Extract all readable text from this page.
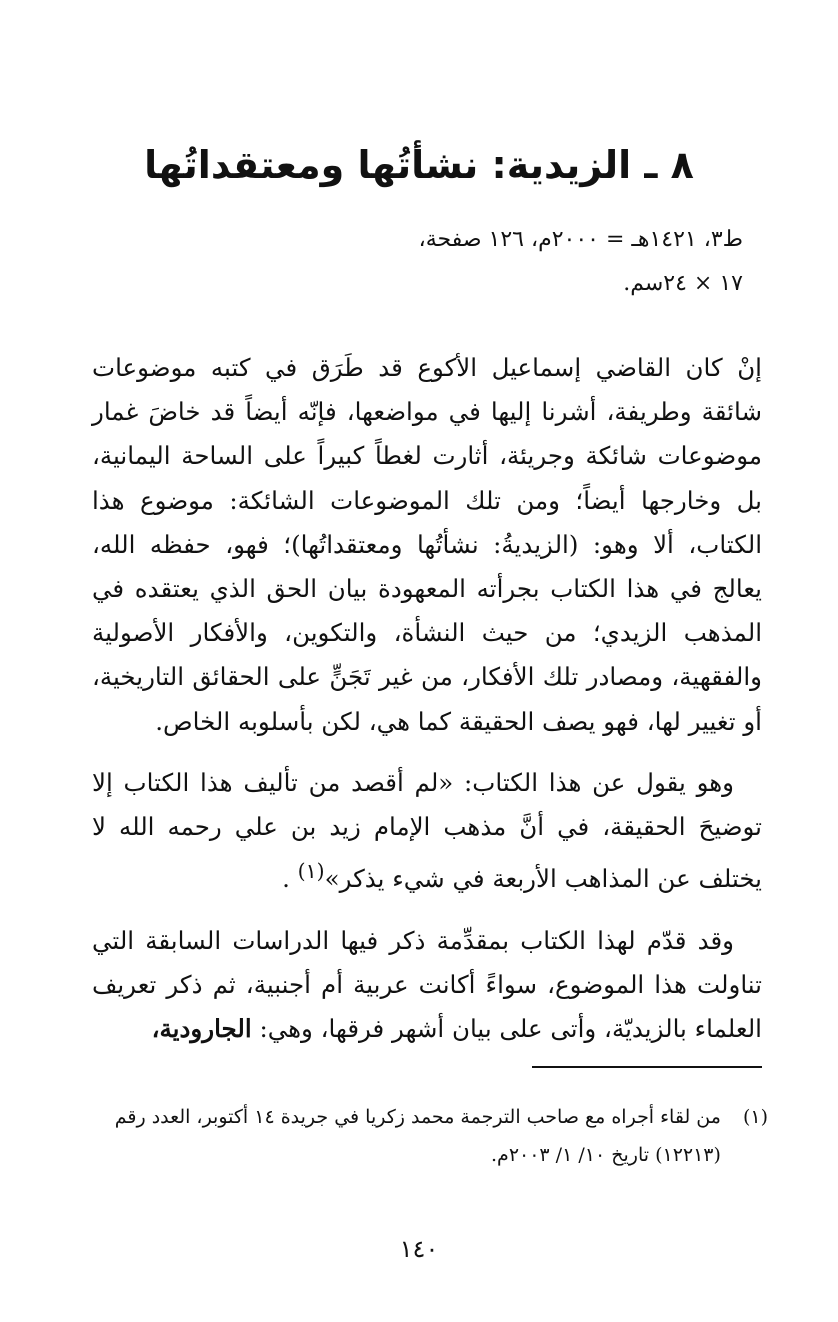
٨ ـ الزيدية: نشأتُها ومعتقداتُها

ط٣، ١٤٢١هـ = ٢٠٠٠م، ١٢٦ صفحة،

١٧ × ٢٤سم.

إنْ كان القاضي إسماعيل الأكوع قد طَرَق في كتبه موضوعات شائقة وطريفة، أشرنا إليها في مواضعها، فإنّه أيضاً قد خاضَ غمار موضوعات شائكة وجريئة، أثارت لغطاً كبيراً على الساحة اليمانية، بل وخارجها أيضاً؛ ومن تلك الموضوعات الشائكة: موضوع هذا الكتاب، ألا وهو: (الزيديةُ: نشأتُها ومعتقداتُها)؛ فهو، حفظه الله، يعالج في هذا الكتاب بجرأته المعهودة بيان الحق الذي يعتقده في المذهب الزيدي؛ من حيث النشأة، والتكوين، والأفكار الأصولية والفقهية، ومصادر تلك الأفكار، من غير تَجَنٍّ على الحقائق التاريخية، أو تغيير لها، فهو يصف الحقيقة كما هي، لكن بأسلوبه الخاص.

وهو يقول عن هذا الكتاب: «لم أقصد من تأليف هذا الكتاب إلا توضيحَ الحقيقة، في أنَّ مذهب الإمام زيد بن علي رحمه الله لا يختلف عن المذاهب الأربعة في شيء يذكر»$^{(١)}$ .

وقد قدّم لهذا الكتاب بمقدِّمة ذكر فيها الدراسات السابقة التي تناولت هذا الموضوع، سواءً أكانت عربية أم أجنبية، ثم ذكر تعريف العلماء بالزيديّة، وأتى على بيان أشهر فرقها، وهي: الجارودية،

(١)
من لقاء أجراه مع صاحب الترجمة محمد زكريا في جريدة ١٤ أكتوبر، العدد رقم (١٢٢١٣) تاريخ ١٠/ ١/ ٢٠٠٣م.
١٤٠
